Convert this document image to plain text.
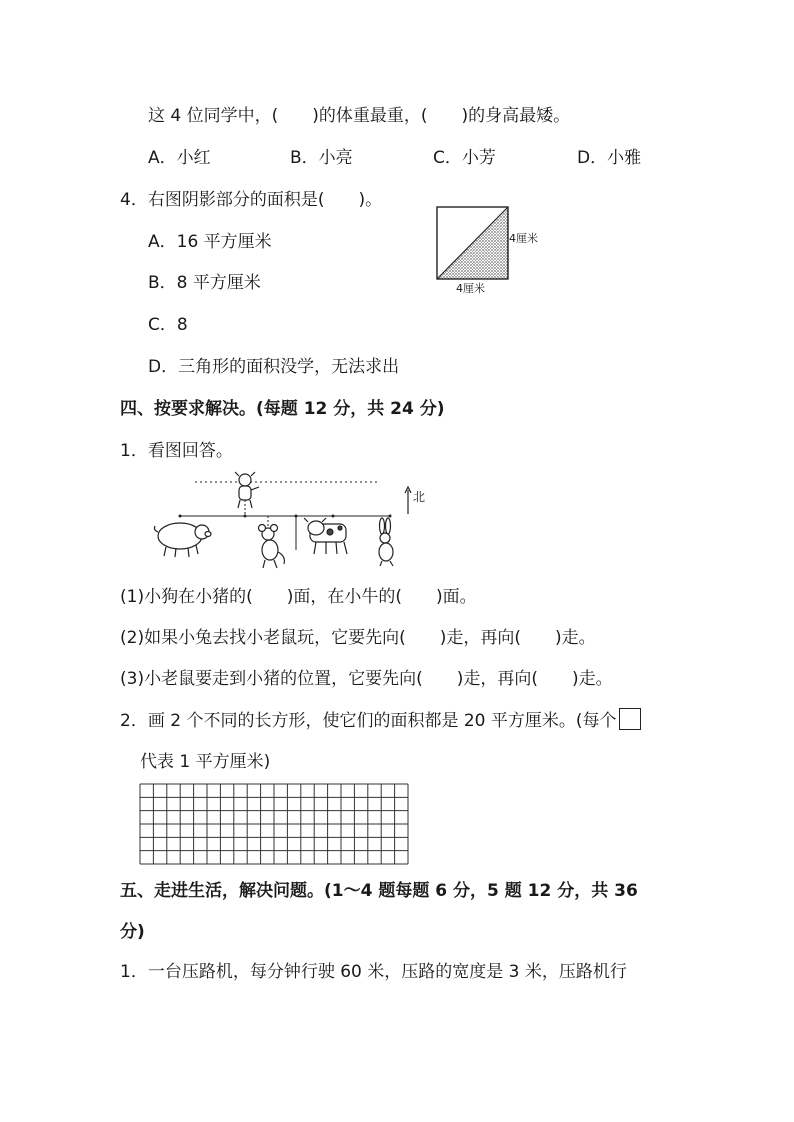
这 4 位同学中，(　　)的体重最重，(　　)的身高最矮。
A．小红	B．小亮	C．小芳	D．小雅
4．右图阴影部分的面积是(　　)。
A．16 平方厘米
B．8 平方厘米
C．8
D．三角形的面积没学，无法求出
4厘米
4厘米
四、按要求解决。(每题 12 分，共 24 分)
1．看图回答。
北
(1)小狗在小猪的(　　)面，在小牛的(　　)面。
(2)如果小兔去找小老鼠玩，它要先向(　　)走，再向(　　)走。
(3)小老鼠要走到小猪的位置，它要先向(　　)走，再向(　　)走。
2．画 2 个不同的长方形，使它们的面积都是 20 平方厘米。(每个
代表 1 平方厘米)
五、走进生活，解决问题。(1～4 题每题 6 分，5 题 12 分，共 36
分)
1．一台压路机，每分钟行驶 60 米，压路的宽度是 3 米，压路机行
